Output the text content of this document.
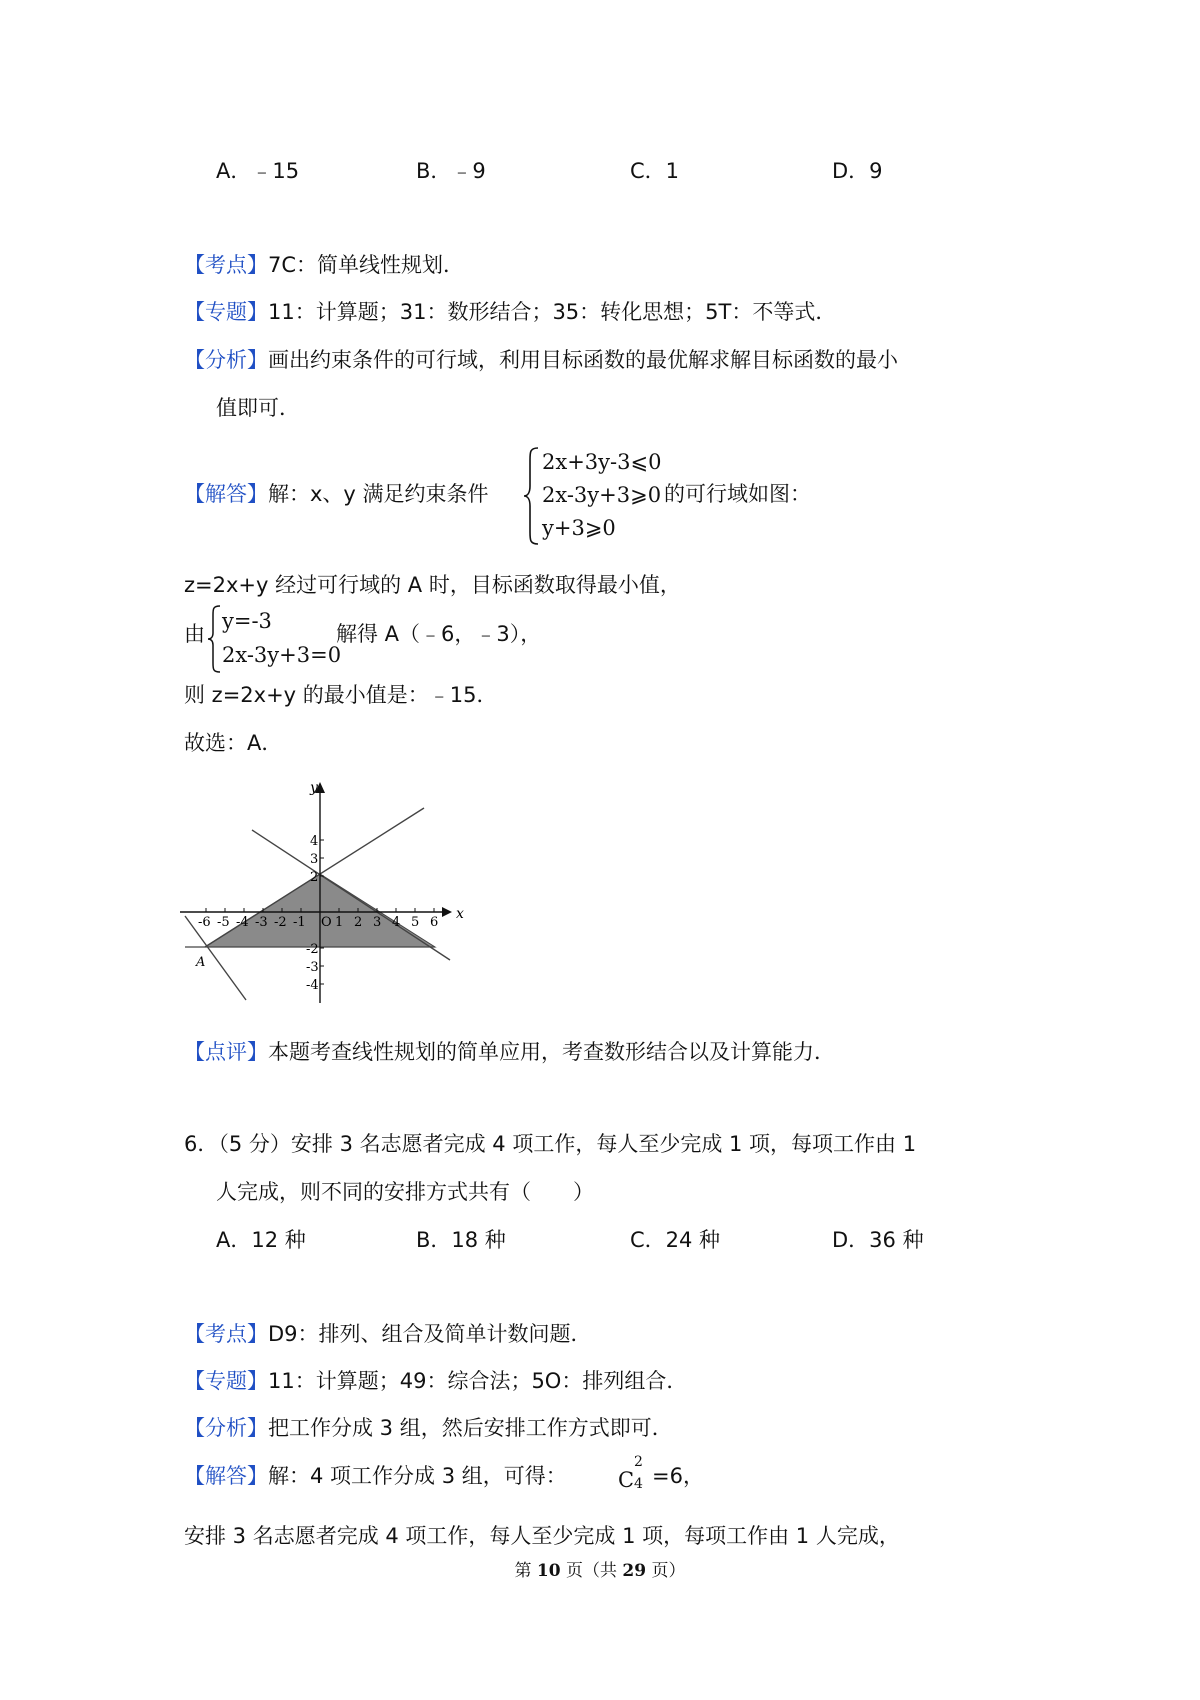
A．﹣15	B．﹣9	C．1	D．9
【考点】7C：简单线性规划．
【专题】11：计算题；31：数形结合；35：转化思想；5T：不等式．
【分析】画出约束条件的可行域，利用目标函数的最优解求解目标函数的最小
值即可．
【解答】解：x、y 满足约束条件
2x+3y-3⩽0
2x-3y+3⩾0
y+3⩾0
的可行域如图：
z=2x+y 经过可行域的 A 时，目标函数取得最小值，
由
y=-3
2x-3y+3=0
解得 A（﹣6，﹣3），
则 z=2x+y 的最小值是：﹣15．
故选：A．
-6 -5 -4 -3 -2 -1 1 2 3 4 5 6
4
3
2
-2
-3
-4
y
x
O
A
【点评】本题考查线性规划的简单应用，考查数形结合以及计算能力．
6．（5 分）安排 3 名志愿者完成 4 项工作，每人至少完成 1 项，每项工作由 1
人完成，则不同的安排方式共有（　　）
A．12 种	B．18 种	C．24 种	D．36 种
【考点】D9：排列、组合及简单计数问题．
【专题】11：计算题；49：综合法；5O：排列组合．
【分析】把工作分成 3 组，然后安排工作方式即可．
【解答】解：4 项工作分成 3 组，可得： C
2
4 =6，
安排 3 名志愿者完成 4 项工作，每人至少完成 1 项，每项工作由 1 人完成，
第 10 页（共 29 页）
